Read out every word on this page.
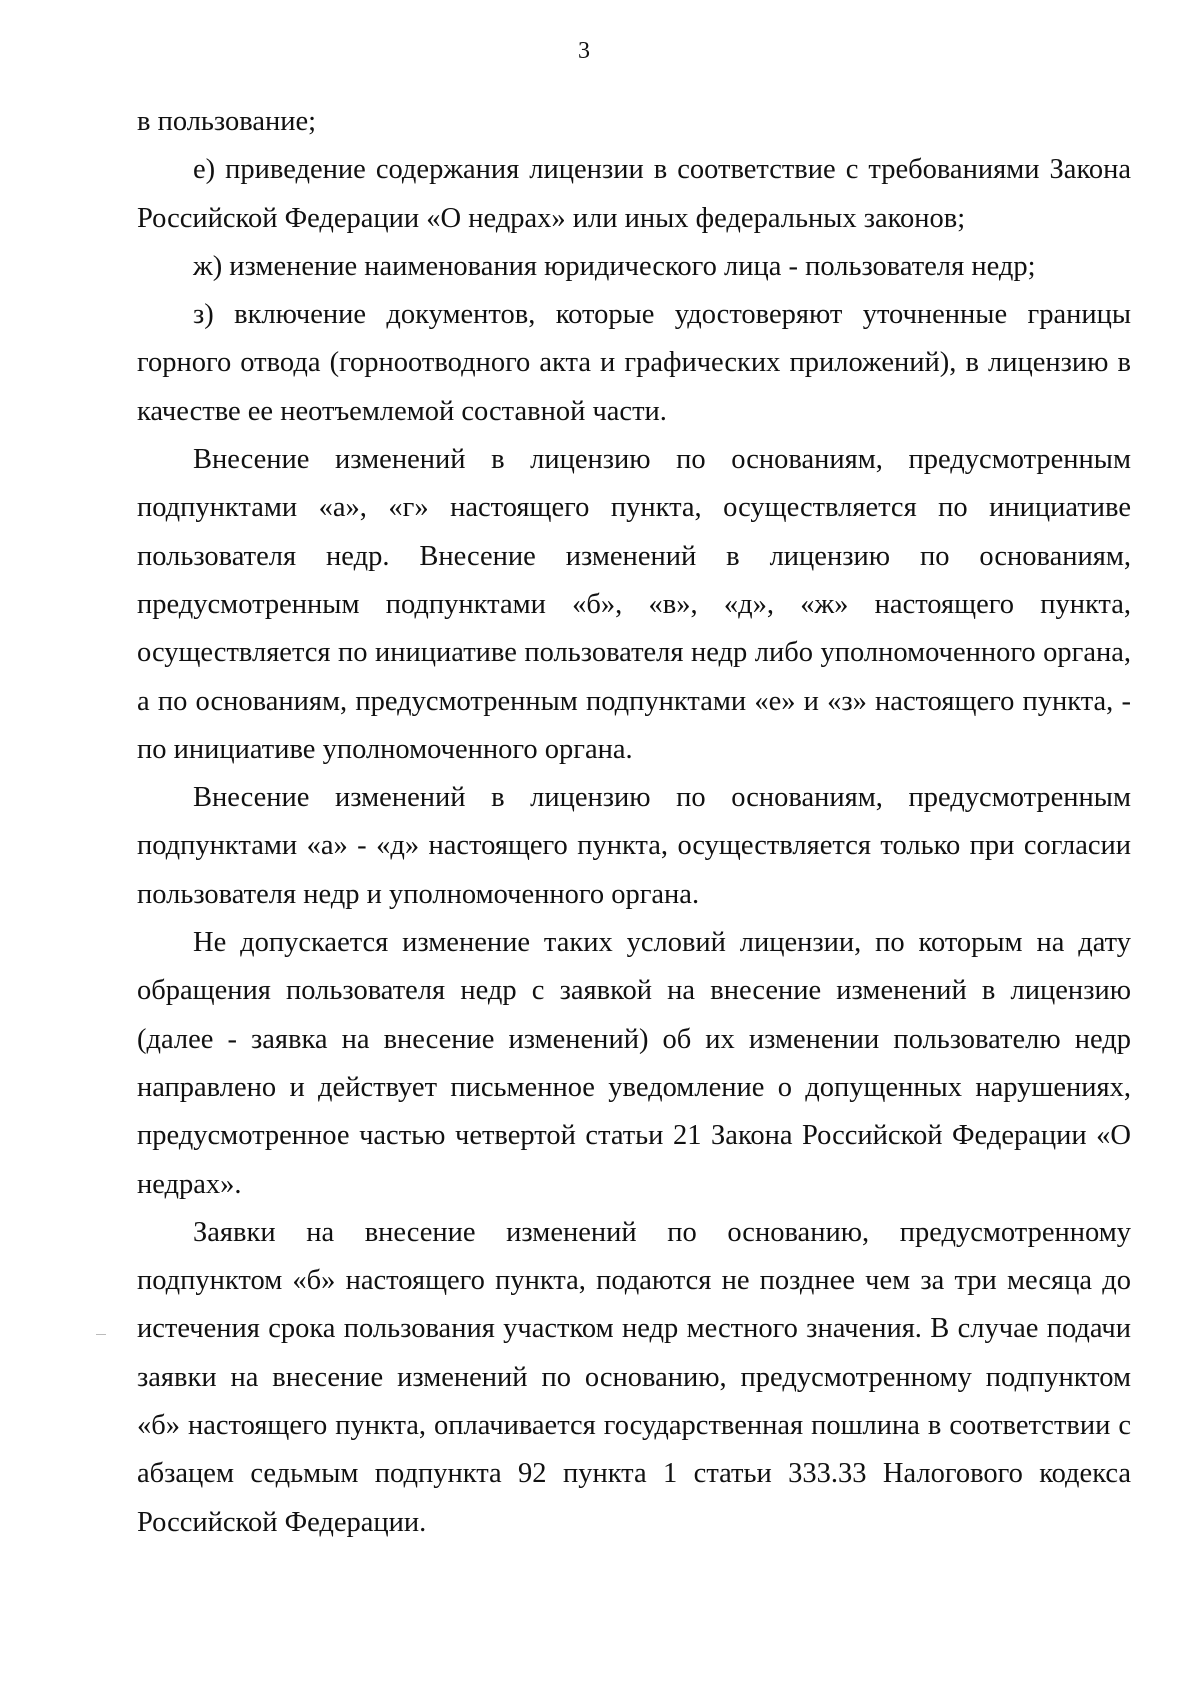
3

в пользование;

е) приведение содержания лицензии в соответствие с требованиями Закона Российской Федерации «О недрах» или иных федеральных законов;

ж) изменение наименования юридического лица - пользователя недр;

з) включение документов, которые удостоверяют уточненные границы горного отвода (горноотводного акта и графических приложений), в лицензию в качестве ее неотъемлемой составной части.

Внесение изменений в лицензию по основаниям, предусмотренным подпунктами «а», «г» настоящего пункта, осуществляется по инициативе пользователя недр. Внесение изменений в лицензию по основаниям, предусмотренным подпунктами «б», «в», «д», «ж» настоящего пункта, осуществляется по инициативе пользователя недр либо уполномоченного органа, а по основаниям, предусмотренным подпунктами «е» и «з» настоящего пункта, - по инициативе уполномоченного органа.

Внесение изменений в лицензию по основаниям, предусмотренным подпунктами «а» - «д» настоящего пункта, осуществляется только при согласии пользователя недр и уполномоченного органа.

Не допускается изменение таких условий лицензии, по которым на дату обращения пользователя недр с заявкой на внесение изменений в лицензию (далее - заявка на внесение изменений) об их изменении пользователю недр направлено и действует письменное уведомление о допущенных нарушениях, предусмотренное частью четвертой статьи 21 Закона Российской Федерации «О недрах».

Заявки на внесение изменений по основанию, предусмотренному подпунктом «б» настоящего пункта, подаются не позднее чем за три месяца до истечения срока пользования участком недр местного значения. В случае подачи заявки на внесение изменений по основанию, предусмотренному подпунктом «б» настоящего пункта, оплачивается государственная пошлина в соответствии с абзацем седьмым подпункта 92 пункта 1 статьи 333.33 Налогового кодекса Российской Федерации.
